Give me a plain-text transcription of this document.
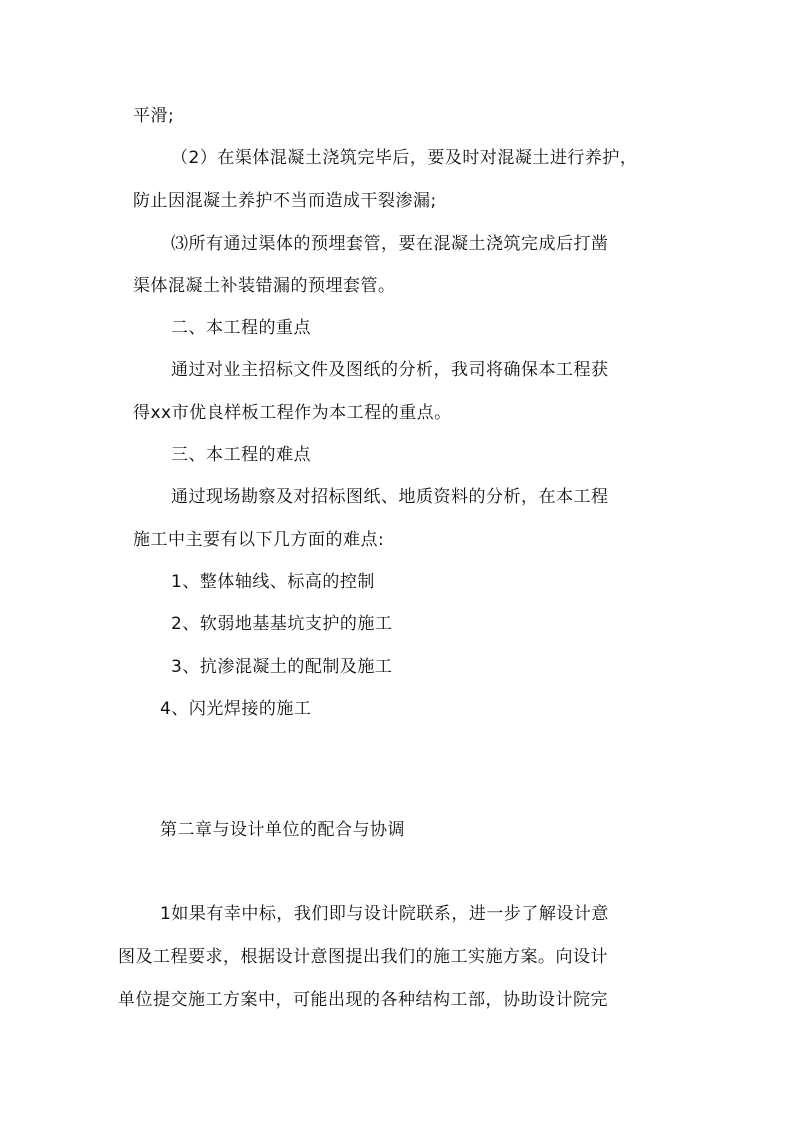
平滑;
（2）在渠体混凝土浇筑完毕后，要及时对混凝土进行养护，
防止因混凝土养护不当而造成干裂渗漏;
⑶所有通过渠体的预埋套管，要在混凝土浇筑完成后打凿
渠体混凝土补装错漏的预埋套管。
二、本工程的重点
通过对业主招标文件及图纸的分析，我司将确保本工程获
得xx市优良样板工程作为本工程的重点。
三、本工程的难点
通过现场勘察及对招标图纸、地质资料的分析，在本工程
施工中主要有以下几方面的难点:
1、整体轴线、标高的控制
2、软弱地基基坑支护的施工
3、抗渗混凝土的配制及施工
4、闪光焊接的施工
第二章与设计单位的配合与协调
1如果有幸中标，我们即与设计院联系，进一步了解设计意
图及工程要求，根据设计意图提出我们的施工实施方案。向设计
单位提交施工方案中，可能出现的各种结构工部，协助设计院完
